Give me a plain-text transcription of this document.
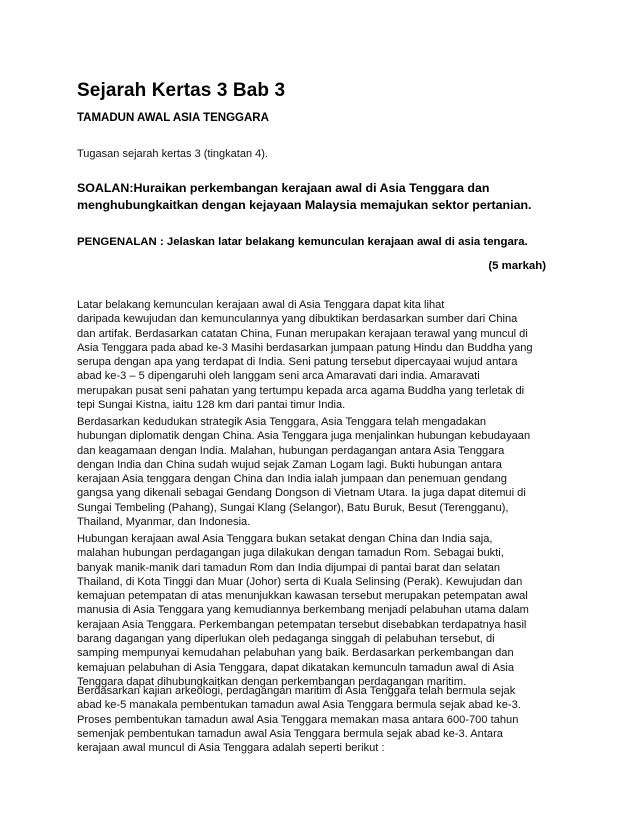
Sejarah Kertas 3 Bab 3
TAMADUN AWAL ASIA TENGGARA

Tugasan sejarah kertas 3 (tingkatan 4).

SOALAN:Huraikan perkembangan kerajaan awal di Asia Tenggara dan
menghubungkaitkan dengan kejayaan Malaysia memajukan sektor pertanian.

PENGENALAN : Jelaskan latar belakang kemunculan kerajaan awal di asia tengara.

(5 markah)

Latar belakang kemunculan kerajaan awal di Asia Tenggara dapat kita lihat
daripada kewujudan dan kemunculannya yang dibuktikan berdasarkan sumber dari China
dan artifak. Berdasarkan catatan China, Funan merupakan kerajaan terawal yang muncul di
Asia Tenggara pada abad ke-3 Masihi berdasarkan jumpaan patung Hindu dan Buddha yang
serupa dengan apa yang terdapat di India. Seni patung tersebut dipercayaai wujud antara
abad ke-3 – 5 dipengaruhi oleh langgam seni arca Amaravati dari india. Amaravati
merupakan pusat seni pahatan yang tertumpu kepada arca agama Buddha yang terletak di
tepi Sungai Kistna, iaitu 128 km dari pantai timur India.
Berdasarkan kedudukan strategik Asia Tenggara, Asia Tenggara telah mengadakan
hubungan diplomatik dengan China. Asia Tenggara juga menjalinkan hubungan kebudayaan
dan keagamaan dengan India. Malahan, hubungan perdagangan antara Asia Tenggara
dengan India dan China sudah wujud sejak Zaman Logam lagi. Bukti hubungan antara
kerajaan Asia tenggara dengan China dan India ialah jumpaan dan penemuan gendang
gangsa yang dikenali sebagai Gendang Dongson di Vietnam Utara. Ia juga dapat ditemui di
Sungai Tembeling (Pahang), Sungai Klang (Selangor), Batu Buruk, Besut (Terengganu),
Thailand, Myanmar, dan Indonesia.
Hubungan kerajaan awal Asia Tenggara bukan setakat dengan China dan India saja,
malahan hubungan perdagangan juga dilakukan dengan tamadun Rom. Sebagai bukti,
banyak manik-manik dari tamadun Rom dan India dijumpai di pantai barat dan selatan
Thailand, di Kota Tinggi dan Muar (Johor) serta di Kuala Selinsing (Perak). Kewujudan dan
kemajuan petempatan di atas menunjukkan kawasan tersebut merupakan petempatan awal
manusia di Asia Tenggara yang kemudiannya berkembang menjadi pelabuhan utama dalam
kerajaan Asia Tenggara. Perkembangan petempatan tersebut disebabkan terdapatnya hasil
barang dagangan yang diperlukan oleh pedaganga singgah di pelabuhan tersebut, di
samping mempunyai kemudahan pelabuhan yang baik. Berdasarkan perkembangan dan
kemajuan pelabuhan di Asia Tenggara, dapat dikatakan kemunculn tamadun awal di Asia
Tenggara dapat dihubungkaitkan dengan perkembangan perdagangan maritim.
Berdasarkan kajian arkeologi, perdagangan maritim di Asia Tenggara telah bermula sejak
abad ke-5 manakala pembentukan tamadun awal Asia Tenggara bermula sejak abad ke-3.
Proses pembentukan tamadun awal Asia Tenggara memakan masa antara 600-700 tahun
semenjak pembentukan tamadun awal Asia Tenggara bermula sejak abad ke-3. Antara
kerajaan awal muncul di Asia Tenggara adalah seperti berikut :
